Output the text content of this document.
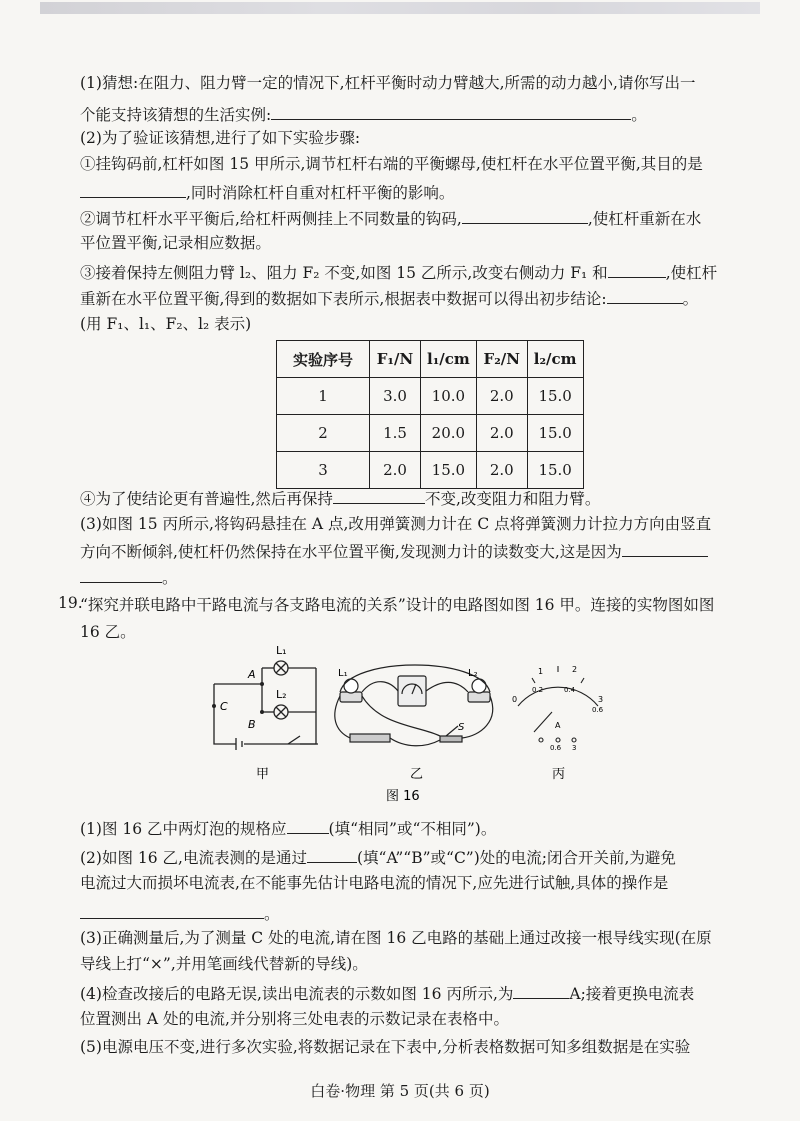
(1)猜想:在阻力、阻力臂一定的情况下,杠杆平衡时动力臂越大,所需的动力越小,请你写出一
个能支持该猜想的生活实例:	。
(2)为了验证该猜想,进行了如下实验步骤:
①挂钩码前,杠杆如图 15 甲所示,调节杠杆右端的平衡螺母,使杠杆在水平位置平衡,其目的是
,同时消除杠杆自重对杠杆平衡的影响。
②调节杠杆水平平衡后,给杠杆两侧挂上不同数量的钩码,	,使杠杆重新在水
平位置平衡,记录相应数据。
③接着保持左侧阻力臂 l₂、阻力 F₂ 不变,如图 15 乙所示,改变右侧动力 F₁ 和	,使杠杆
重新在水平位置平衡,得到的数据如下表所示,根据表中数据可以得出初步结论:	。
(用 F₁、l₁、F₂、l₂ 表示)
实验序号	F₁/N	l₁/cm	F₂/N	l₂/cm
1	3.0	10.0	2.0	15.0
2	1.5	20.0	2.0	15.0
3	2.0	15.0	2.0	15.0
④为了使结论更有普遍性,然后再保持	不变,改变阻力和阻力臂。
(3)如图 15 丙所示,将钩码悬挂在 A 点,改用弹簧测力计在 C 点将弹簧测力计拉力方向由竖直
方向不断倾斜,使杠杆仍然保持在水平位置平衡,发现测力计的读数变大,这是因为
。
19.
“探究并联电路中干路电流与各支路电流的关系”设计的电路图如图 16 甲。连接的实物图如图
16 乙。
L₁
L₂
A
B
C
L₁	L₂
S
0
1	2
3
0.2	0.4
0.6
A
0.6 3
甲	乙	丙
图 16
(1)图 16 乙中两灯泡的规格应	(填“相同”或“不相同”)。
(2)如图 16 乙,电流表测的是通过	(填“A”“B”或“C”)处的电流;闭合开关前,为避免
电流过大而损坏电流表,在不能事先估计电路电流的情况下,应先进行试触,具体的操作是
。
(3)正确测量后,为了测量 C 处的电流,请在图 16 乙电路的基础上通过改接一根导线实现(在原
导线上打“×”,并用笔画线代替新的导线)。
(4)检查改接后的电路无误,读出电流表的示数如图 16 丙所示,为	A;接着更换电流表
位置测出 A 处的电流,并分别将三处电表的示数记录在表格中。
(5)电源电压不变,进行多次实验,将数据记录在下表中,分析表格数据可知多组数据是在实验
白卷·物理 第 5 页(共 6 页)
